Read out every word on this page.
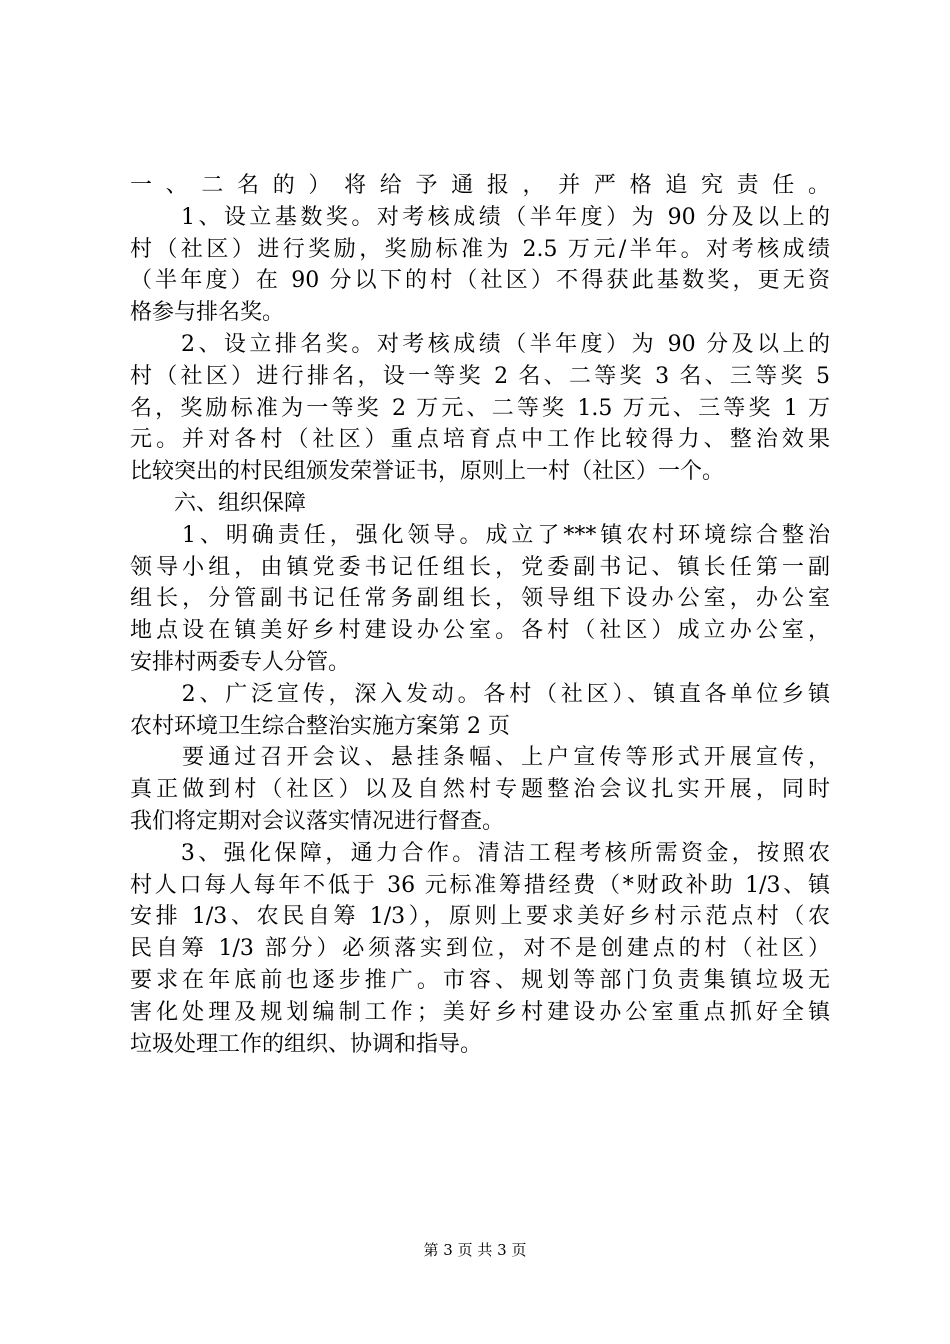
一、二名的）将给予通报，并严格追究责任。
　　1、设立基数奖。对考核成绩（半年度）为 90 分及以上的
村（社区）进行奖励，奖励标准为 2.5 万元/半年。对考核成绩
（半年度）在 90 分以下的村（社区）不得获此基数奖，更无资
格参与排名奖。
　　2、设立排名奖。对考核成绩（半年度）为 90 分及以上的
村（社区）进行排名，设一等奖 2 名、二等奖 3 名、三等奖 5
名，奖励标准为一等奖 2 万元、二等奖 1.5 万元、三等奖 1 万
元。并对各村（社区）重点培育点中工作比较得力、整治效果
比较突出的村民组颁发荣誉证书，原则上一村（社区）一个。
　　六、组织保障
　　1、明确责任，强化领导。成立了***镇农村环境综合整治
领导小组，由镇党委书记任组长，党委副书记、镇长任第一副
组长，分管副书记任常务副组长，领导组下设办公室，办公室
地点设在镇美好乡村建设办公室。各村（社区）成立办公室，
安排村两委专人分管。
　　2、广泛宣传，深入发动。各村（社区）、镇直各单位乡镇
农村环境卫生综合整治实施方案第 2 页
　　要通过召开会议、悬挂条幅、上户宣传等形式开展宣传，
真正做到村（社区）以及自然村专题整治会议扎实开展，同时
我们将定期对会议落实情况进行督查。
　　3、强化保障，通力合作。清洁工程考核所需资金，按照农
村人口每人每年不低于 36 元标准筹措经费（*财政补助 1/3、镇
安排 1/3、农民自筹 1/3），原则上要求美好乡村示范点村（农
民自筹 1/3 部分）必须落实到位，对不是创建点的村（社区）
要求在年底前也逐步推广。市容、规划等部门负责集镇垃圾无
害化处理及规划编制工作；美好乡村建设办公室重点抓好全镇
垃圾处理工作的组织、协调和指导。
第 3 页 共 3 页
